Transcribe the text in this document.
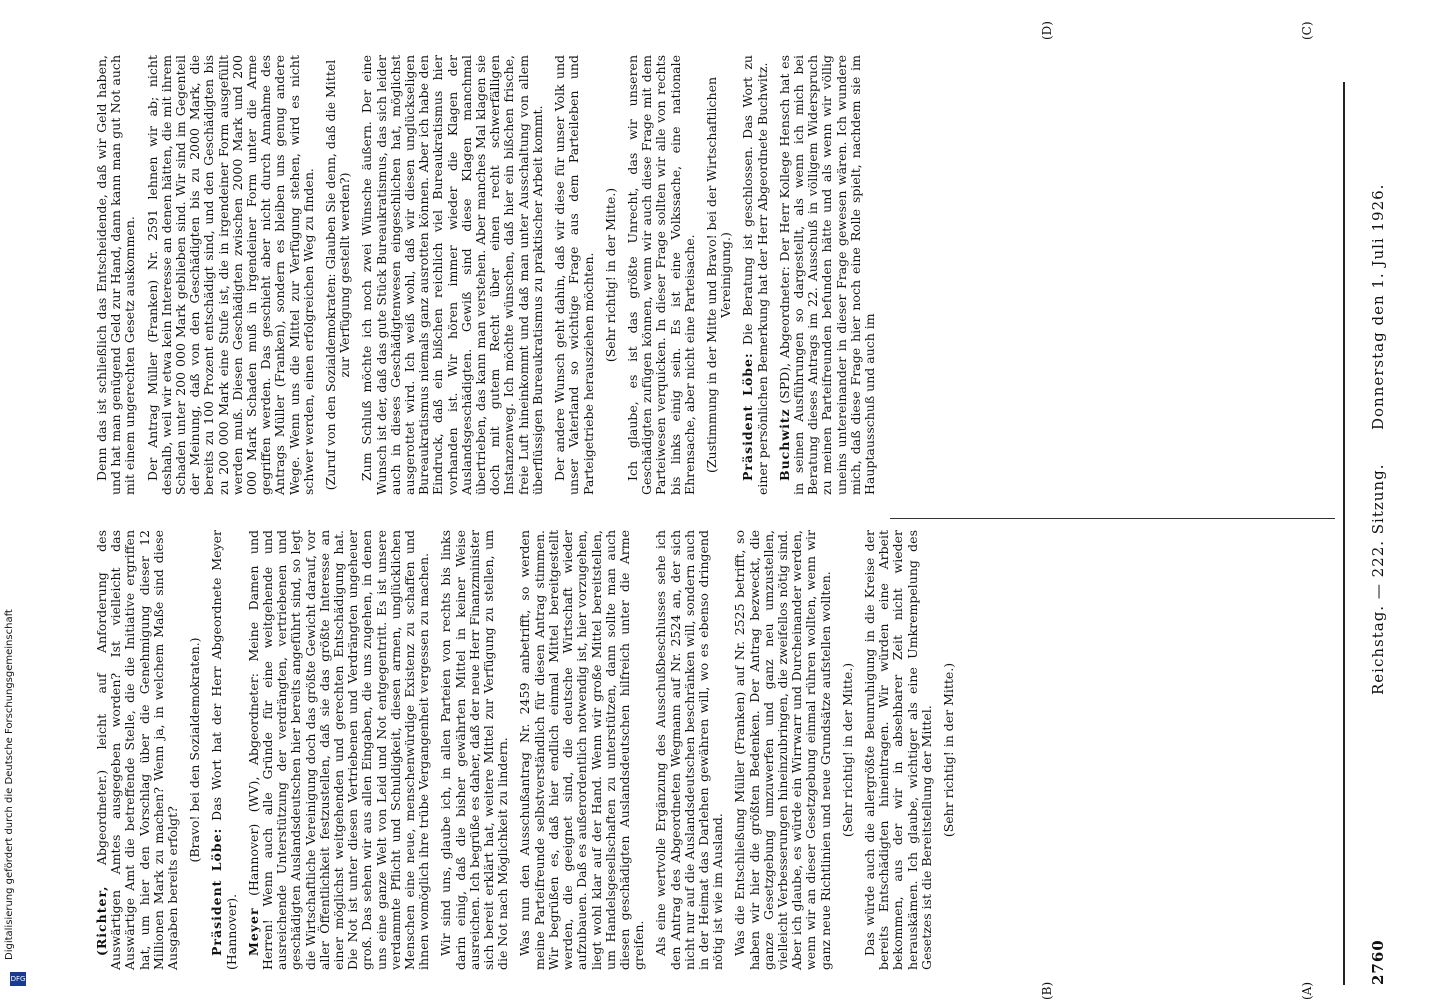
2760
Reichstag. — 222. Sitzung.
Donnerstag den 1. Juli 1926.
(A)
(B)
(C)
(D)

(Richter, Abgeordneter.) leicht auf Anforderung des Auswärtigen Amtes ausgegeben worden? Ist vielleicht das Auswärtige Amt die betreffende Stelle, die die Initiative ergriffen hat, um hier den Vorschlag über die Genehmigung dieser 12 Millionen Mark zu machen? Wenn ja, in welchem Maße sind diese Ausgaben bereits erfolgt?

(Bravo! bei den Sozialdemokraten.)

Präsident Löbe: Das Wort hat der Herr Abgeordnete Meyer (Hannover). Meyer (Hannover) (WV), Abgeordneter: Meine Damen und Herren! Wenn auch alle Gründe für eine weitgehende und ausreichende Unterstützung der verdrängten, vertriebenen und geschädigten Auslandsdeutschen hier bereits angeführt sind, so legt die Wirtschaftliche Vereinigung doch das größte Gewicht darauf, vor aller Öffentlichkeit festzustellen, daß sie das größte Interesse an einer möglichst weitgehenden und gerechten Entschädigung hat. Die Not ist unter diesen Vertriebenen und Verdrängten ungeheuer groß. Das sehen wir aus allen Eingaben, die uns zugehen, in denen uns eine ganze Welt von Leid und Not entgegentritt. Es ist unsere verdammte Pflicht und Schuldigkeit, diesen armen, unglücklichen Menschen eine neue, menschenwürdige Existenz zu schaffen und ihnen womöglich ihre trübe Vergangenheit vergessen zu machen. Wir sind uns, glaube ich, in allen Parteien von rechts bis links darin einig, daß die bisher gewährten Mittel in keiner Weise ausreichen. Ich begrüße es daher, daß der neue Herr Finanzminister sich bereit erklärt hat, weitere Mittel zur Verfügung zu stellen, um die Not nach Möglichkeit zu lindern. Was nun den Ausschußantrag Nr. 2459 anbetrifft, so werden meine Parteifreunde selbstverständlich für diesen Antrag stimmen. Wir begrüßen es, daß hier endlich einmal Mittel bereitgestellt werden, die geeignet sind, die deutsche Wirtschaft wieder aufzubauen. Daß es außerordentlich notwendig ist, hier vorzugehen, liegt wohl klar auf der Hand. Wenn wir große Mittel bereitstellen, um Handelsgesellschaften zu unterstützen, dann sollte man auch diesen geschädigten Auslandsdeutschen hilfreich unter die Arme greifen. Als eine wertvolle Ergänzung des Ausschußbeschlusses sehe ich den Antrag des Abgeordneten Wegmann auf Nr. 2524 an, der sich nicht nur auf die Auslandsdeutschen beschränken will, sondern auch in der Heimat das Darlehen gewähren will, wo es ebenso dringend nötig ist wie im Ausland. Was die Entschließung Müller (Franken) auf Nr. 2525 betrifft, so haben wir hier die größten Bedenken. Der Antrag bezweckt, die ganze Gesetzgebung umzuwerfen und ganz neu umzustellen, vielleicht Verbesserungen hineinzubringen, die zweifellos nötig sind. Aber ich glaube, es würde ein Wirrwarr und Durcheinander werden, wenn wir an dieser Gesetzgebung einmal rühren wollten, wenn wir ganz neue Richtlinien und neue Grundsätze aufstellen wollten. (Sehr richtig! in der Mitte.) Das würde auch die allergrößte Beunruhigung in die Kreise der bereits Entschädigten hineintragen. Wir würden eine Arbeit bekommen, aus der wir in absehbarer Zeit nicht wieder herauskämen. Ich glaube, wichtiger als eine Umkrempelung des Gesetzes ist die Bereitstellung der Mittel. (Sehr richtig! in der Mitte.)

Denn das ist schließlich das Entscheidende, daß wir Geld haben, und hat man genügend Geld zur Hand, dann kann man gut Not auch mit einem ungerechten Gesetz auskommen. Der Antrag Müller (Franken) Nr. 2591 lehnen wir ab; nicht deshalb, weil wir etwa kein Interesse an denen hätten, die mit ihrem Schaden unter 200 000 Mark geblieben sind. Wir sind im Gegenteil der Meinung, daß von den Geschädigten bis zu 2000 Mark, die bereits zu 100 Prozent entschädigt sind, und den Geschädigten bis zu 200 000 Mark eine Stufe ist, die in irgendeiner Form ausgefüllt werden muß. Diesen Geschädigten zwischen 2000 Mark und 200 000 Mark Schaden muß in irgendeiner Form unter die Arme gegriffen werden. Das geschieht aber nicht durch Annahme des Antrags Müller (Franken), sondern es bleiben uns genug andere Wege. Wenn uns die Mittel zur Verfügung stehen, wird es nicht schwer werden, einen erfolgreichen Weg zu finden. (Zuruf von den Sozialdemokraten: Glauben Sie denn, daß die Mittel zur Verfügung gestellt werden?) Zum Schluß möchte ich noch zwei Wünsche äußern. Der eine Wunsch ist der, daß das gute Stück Bureaukratismus, das sich leider auch in dieses Geschädigtenwesen eingeschlichen hat, möglichst ausgerottet wird. Ich weiß wohl, daß wir diesen unglückseligen Bureaukratismus niemals ganz ausrotten können. Aber ich habe den Eindruck, daß ein bißchen reichlich viel Bureaukratismus hier vorhanden ist. Wir hören immer wieder die Klagen der Auslandsgeschädigten. Gewiß sind diese Klagen manchmal übertrieben, das kann man verstehen. Aber manches Mal klagen sie doch mit gutem Recht über einen recht schwerfälligen Instanzenweg. Ich möchte wünschen, daß hier ein bißchen frische, freie Luft hineinkommt und daß man unter Ausschaltung von allem überflüssigen Bureaukratismus zu praktischer Arbeit kommt. Der andere Wunsch geht dahin, daß wir diese für unser Volk und unser Vaterland so wichtige Frage aus dem Parteileben und Parteigetriebe herausziehen möchten. (Sehr richtig! in der Mitte.) Ich glaube, es ist das größte Unrecht, das wir unseren Geschädigten zufügen können, wenn wir auch diese Frage mit dem Parteiwesen verquicken. In dieser Frage sollten wir alle von rechts bis links einig sein. Es ist eine Volkssache, eine nationale Ehrensache, aber nicht eine Parteisache. (Zustimmung in der Mitte und Bravo! bei der Wirtschaftlichen Vereinigung.)

Präsident Löbe: Die Beratung ist geschlossen. Das Wort zu einer persönlichen Bemerkung hat der Herr Abgeordnete Buchwitz. Buchwitz (SPD), Abgeordneter: Der Herr Kollege Hensch hat es in seinen Ausführungen so dargestellt, als wenn ich mich bei Beratung dieses Antrags im 22. Ausschuß in völligem Widerspruch zu meinen Parteifreunden befunden hätte und als wenn wir völlig uneins untereinander in dieser Frage gewesen wären. Ich wundere mich, daß diese Frage hier noch eine Rolle spielt, nachdem sie im Hauptausschuß und auch im

DFG
Digitalisierung gefördert durch die Deutsche Forschungsgemeinschaft
